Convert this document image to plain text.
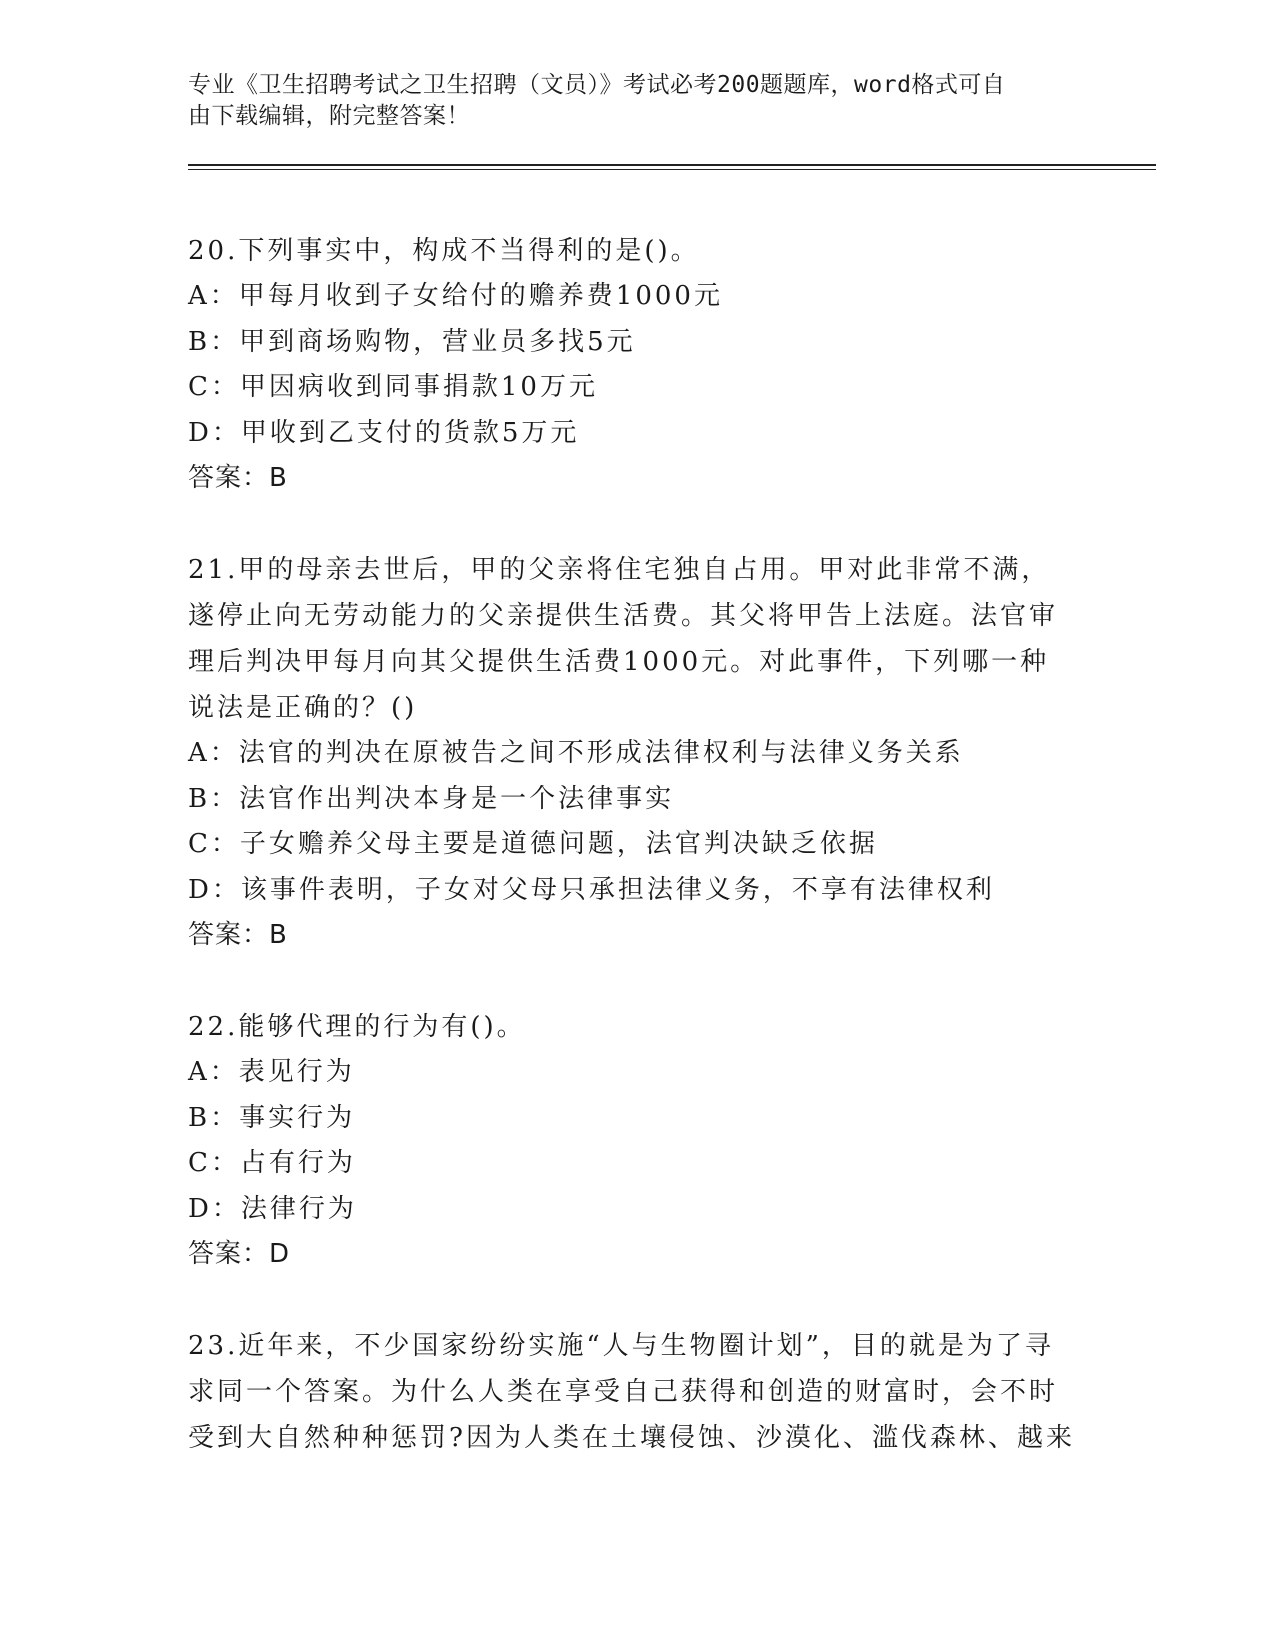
专业《卫生招聘考试之卫生招聘（文员）》考试必考200题题库，word格式可自
由下载编辑，附完整答案！
20.下列事实中，构成不当得利的是()。
A：甲每月收到子女给付的赡养费1000元
B：甲到商场购物，营业员多找5元
C：甲因病收到同事捐款10万元
D：甲收到乙支付的货款5万元
答案：B
21.甲的母亲去世后，甲的父亲将住宅独自占用。甲对此非常不满，遂停止向无劳动能力的父亲提供生活费。其父将甲告上法庭。法官审理后判决甲每月向其父提供生活费1000元。对此事件，下列哪一种说法是正确的？()
A：法官的判决在原被告之间不形成法律权利与法律义务关系
B：法官作出判决本身是一个法律事实
C：子女赡养父母主要是道德问题，法官判决缺乏依据
D：该事件表明，子女对父母只承担法律义务，不享有法律权利
答案：B
22.能够代理的行为有()。
A：表见行为
B：事实行为
C：占有行为
D：法律行为
答案：D
23.近年来，不少国家纷纷实施“人与生物圈计划”，目的就是为了寻求同一个答案。为什么人类在享受自己获得和创造的财富时，会不时受到大自然种种惩罚?因为人类在土壤侵蚀、沙漠化、滥伐森林、越来
